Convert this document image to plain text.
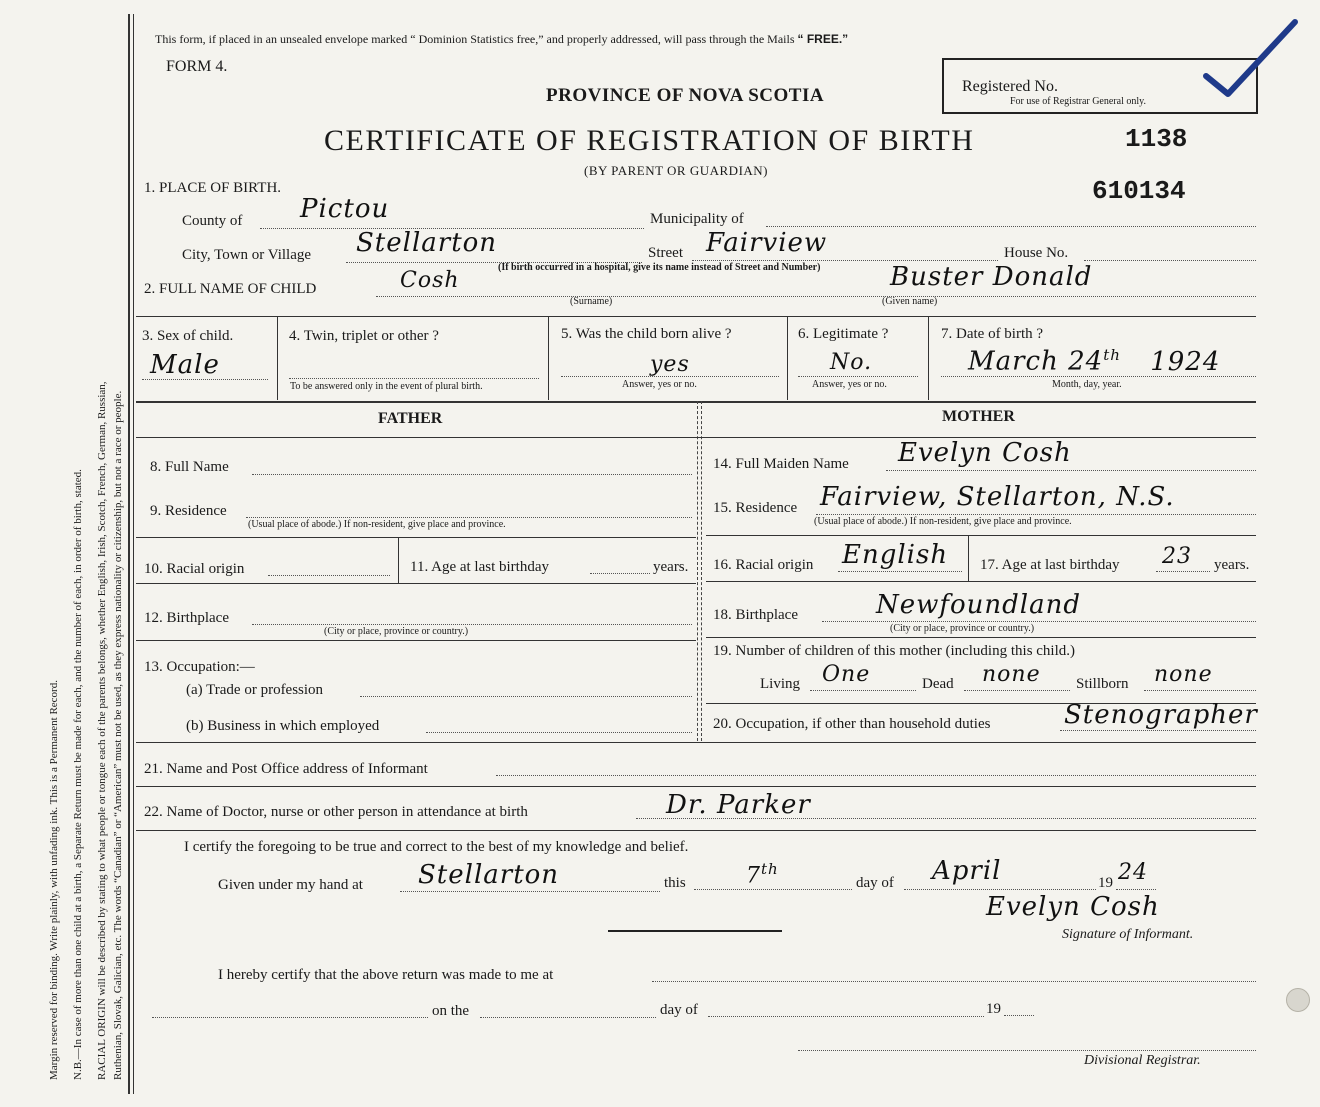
Margin reserved for binding. Write plainly, with unfading ink. This is a Permanent Record. N.B.—In case of more than one child at a birth, a Separate Return must be made for each, and the number of each, in order of birth, stated. RACIAL ORIGIN will be described by stating to what people or tongue each of the parents belongs, whether English, Irish, Scotch, French, German, Russian, Ruthenian, Slovak, Galician, etc. The words “Canadian” or “American” must not be used, as they express nationality or citizenship, but not a race or people.
This form, if placed in an unsealed envelope marked “ Dominion Statistics free,” and properly addressed, will pass through the Mails “ FREE.”
FORM 4.
PROVINCE OF NOVA SCOTIA
CERTIFICATE OF REGISTRATION OF BIRTH
(BY PARENT OR GUARDIAN)
Registered No.
For use of Registrar General only.
1138
610134
1. PLACE OF BIRTH.
County of Pictou	Municipality of
City, Town or Village Stellarton	Street Fairview	House No.
(If birth occurred in a hospital, give its name instead of Street and Number)
2. FULL NAME OF CHILD	Cosh
(Surname)
Buster Donald
(Given name)
3. Sex of child.
Male
4. Twin, triplet or other ?
To be answered only in the event of plural birth.
5. Was the child born alive ?
yes
Answer, yes or no.
6. Legitimate ?
No.
Answer, yes or no.
7. Date of birth ?
March 24th 1924
Month, day, year.
FATHER	MOTHER
8. Full Name
9. Residence
(Usual place of abode.) If non-resident, give place and province.
10. Racial origin	11. Age at last birthday	years.
12. Birthplace
(City or place, province or country.)
13. Occupation:—
(a) Trade or profession
(b) Business in which employed
14. Full Maiden Name Evelyn Cosh
15. Residence Fairview, Stellarton, N.S.
(Usual place of abode.) If non-resident, give place and province.
16. Racial origin English 17. Age at last birthday 23 years.
18. Birthplace	Newfoundland
(City or place, province or country.)
19. Number of children of this mother (including this child.)
Living One	Dead none Stillborn none
20. Occupation, if other than household duties	Stenographer
21. Name and Post Office address of Informant
22. Name of Doctor, nurse or other person in attendance at birth	Dr. Parker
I certify the foregoing to be true and correct to the best of my knowledge and belief.
Given under my hand at Stellarton	this	7th
day of April	19 24
Evelyn Cosh
Signature of Informant.
I hereby certify that the above return was made to me at
on the	day of	19
Divisional Registrar.
